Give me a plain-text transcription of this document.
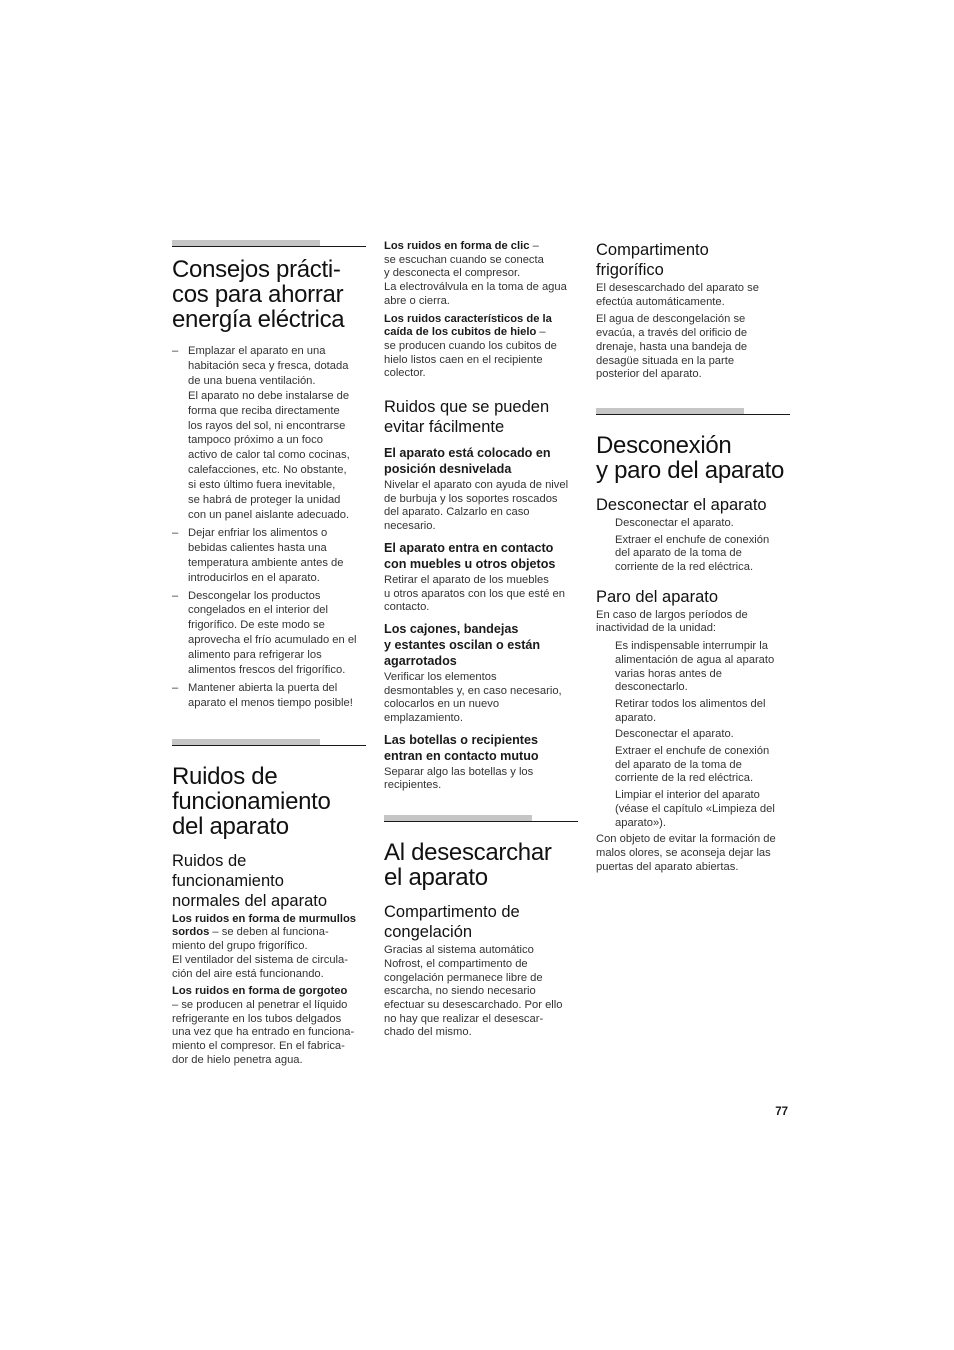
Consejos prácti-
cos para ahorrar
energía eléctrica
– Emplazar el aparato en una
habitación seca y fresca, dotada
de una buena ventilación.
El aparato no debe instalarse de
forma que reciba directamente
los rayos del sol, ni encontrarse
tampoco próximo a un foco
activo de calor tal como cocinas,
calefacciones, etc. No obstante,
si esto último fuera inevitable,
se habrá de proteger la unidad
con un panel aislante adecuado.
– Dejar enfriar los alimentos o
bebidas calientes hasta una
temperatura ambiente antes de
introducirlos en el aparato.
– Descongelar los productos
congelados en el interior del
frigorífico. De este modo se
aprovecha el frío acumulado en el
alimento para refrigerar los
alimentos frescos del frigorífico.
– Mantener abierta la puerta del
aparato el menos tiempo posible!
Ruidos de
funcionamiento
del aparato
Ruidos de
funcionamiento
normales del aparato

Los ruidos en forma de murmullos
sordos – se deben al funciona-
miento del grupo frigorífico.
El ventilador del sistema de circula-
ción del aire está funcionando.

Los ruidos en forma de gorgoteo
– se producen al penetrar el líquido
refrigerante en los tubos delgados
una vez que ha entrado en funciona-
miento el compresor. En el fabrica-
dor de hielo penetra agua.

Los ruidos en forma de clic –
se escuchan cuando se conecta
y desconecta el compresor.
La electroválvula en la toma de agua
abre o cierra.

Los ruidos característicos de la
caída de los cubitos de hielo –
se producen cuando los cubitos de
hielo listos caen en el recipiente
colector.

Ruidos que se pueden
evitar fácilmente
El aparato está colocado en
posición desnivelada

Nivelar el aparato con ayuda de nivel
de burbuja y los soportes roscados
del aparato. Calzarlo en caso
necesario.

El aparato entra en contacto
con muebles u otros objetos

Retirar el aparato de los muebles
u otros aparatos con los que esté en
contacto.

Los cajones, bandejas
y estantes oscilan o están
agarrotados

Verificar los elementos
desmontables y, en caso necesario,
colocarlos en un nuevo
emplazamiento.

Las botellas o recipientes
entran en contacto mutuo

Separar algo las botellas y los
recipientes.

Al desescarchar
el aparato
Compartimento de
congelación

Gracias al sistema automático
Nofrost, el compartimento de
congelación permanece libre de
escarcha, no siendo necesario
efectuar su desescarchado. Por ello
no hay que realizar el desescar-
chado del mismo.

Compartimento
frigorífico

El desescarchado del aparato se
efectúa automáticamente.

El agua de descongelación se
evacúa, a través del orificio de
drenaje, hasta una bandeja de
desagüe situada en la parte
posterior del aparato.

Desconexión
y paro del aparato
Desconectar el aparato
Desconectar el aparato.
Extraer el enchufe de conexión
del aparato de la toma de
corriente de la red eléctrica.
Paro del aparato

En caso de largos períodos de
inactividad de la unidad:

Es indispensable interrumpir la
alimentación de agua al aparato
varias horas antes de
desconectarlo.
Retirar todos los alimentos del
aparato.
Desconectar el aparato.
Extraer el enchufe de conexión
del aparato de la toma de
corriente de la red eléctrica.
Limpiar el interior del aparato
(véase el capítulo «Limpieza del
aparato»).

Con objeto de evitar la formación de
malos olores, se aconseja dejar las
puertas del aparato abiertas.

77
